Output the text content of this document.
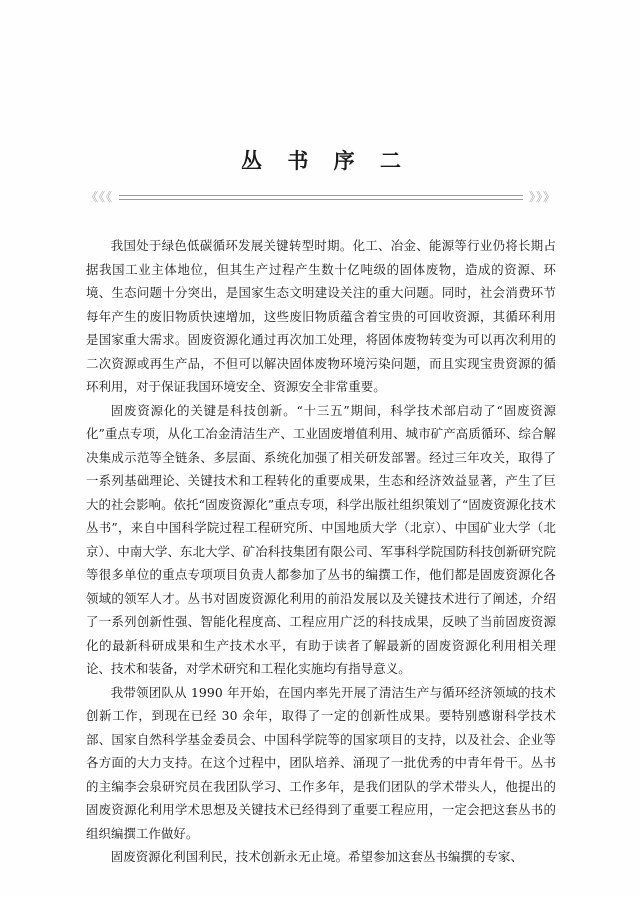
丛 书 序 二
《《《	》》》

我国处于绿色低碳循环发展关键转型时期。化工、冶金、能源等行业仍将长期占据我国工业主体地位，但其生产过程产生数十亿吨级的固体废物，造成的资源、环境、生态问题十分突出，是国家生态文明建设关注的重大问题。同时，社会消费环节每年产生的废旧物质快速增加，这些废旧物质蕴含着宝贵的可回收资源，其循环利用是国家重大需求。固废资源化通过再次加工处理，将固体废物转变为可以再次利用的二次资源或再生产品，不但可以解决固体废物环境污染问题，而且实现宝贵资源的循环利用，对于保证我国环境安全、资源安全非常重要。

固废资源化的关键是科技创新。“十三五”期间，科学技术部启动了“固废资源化”重点专项，从化工冶金清洁生产、工业固废增值利用、城市矿产高质循环、综合解决集成示范等全链条、多层面、系统化加强了相关研发部署。经过三年攻关，取得了一系列基础理论、关键技术和工程转化的重要成果，生态和经济效益显著，产生了巨大的社会影响。依托“固废资源化”重点专项，科学出版社组织策划了“固废资源化技术丛书”，来自中国科学院过程工程研究所、中国地质大学（北京）、中国矿业大学（北京）、中南大学、东北大学、矿冶科技集团有限公司、军事科学院国防科技创新研究院等很多单位的重点专项项目负责人都参加了丛书的编撰工作，他们都是固废资源化各领域的领军人才。丛书对固废资源化利用的前沿发展以及关键技术进行了阐述，介绍了一系列创新性强、智能化程度高、工程应用广泛的科技成果，反映了当前固废资源化的最新科研成果和生产技术水平，有助于读者了解最新的固废资源化利用相关理论、技术和装备，对学术研究和工程化实施均有指导意义。

我带领团队从 1990 年开始，在国内率先开展了清洁生产与循环经济领域的技术创新工作，到现在已经 30 余年，取得了一定的创新性成果。要特别感谢科学技术部、国家自然科学基金委员会、中国科学院等的国家项目的支持，以及社会、企业等各方面的大力支持。在这个过程中，团队培养、涌现了一批优秀的中青年骨干。丛书的主编李会泉研究员在我团队学习、工作多年，是我们团队的学术带头人，他提出的固废资源化利用学术思想及关键技术已经得到了重要工程应用，一定会把这套丛书的组织编撰工作做好。

固废资源化利国利民，技术创新永无止境。希望参加这套丛书编撰的专家、
